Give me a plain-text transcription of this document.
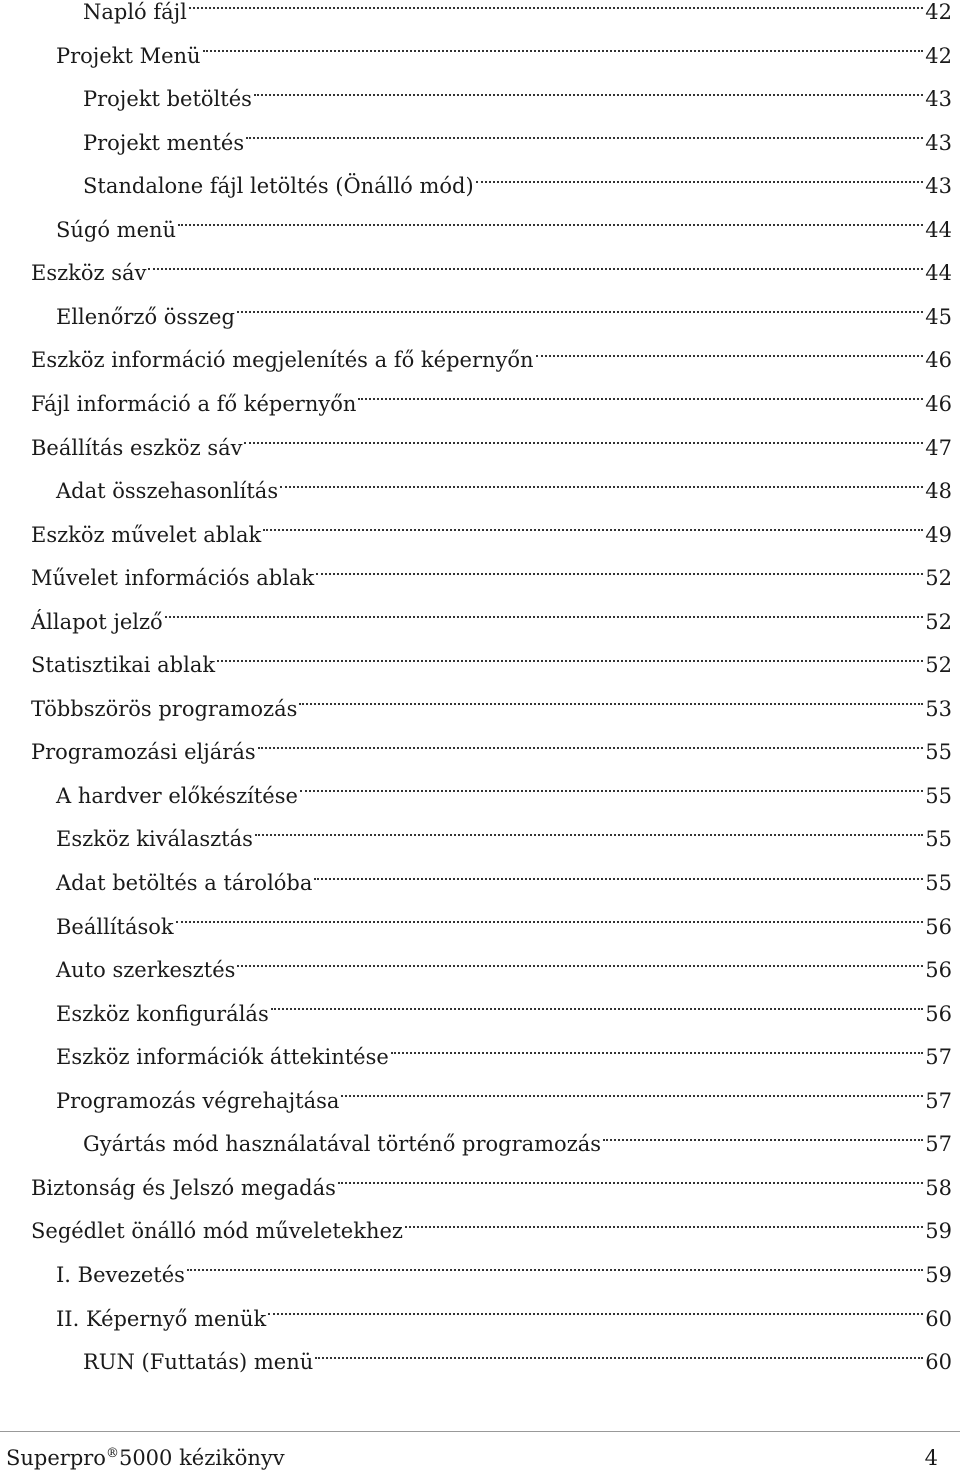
Napló fájl	42
Projekt Menü	42
Projekt betöltés	43
Projekt mentés	43
Standalone fájl letöltés (Önálló mód)	43
Súgó menü	44
Eszköz sáv	44
Ellenőrző összeg	45
Eszköz információ megjelenítés a fő képernyőn	46
Fájl információ a fő képernyőn	46
Beállítás eszköz sáv	47
Adat összehasonlítás	48
Eszköz művelet ablak	49
Művelet információs ablak	52
Állapot jelző	52
Statisztikai ablak	52
Többszörös programozás	53
Programozási eljárás	55
A hardver előkészítése	55
Eszköz kiválasztás	55
Adat betöltés a tárolóba	55
Beállítások	56
Auto szerkesztés	56
Eszköz konfigurálás	56
Eszköz információk áttekintése	57
Programozás végrehajtása	57
Gyártás mód használatával történő programozás	57
Biztonság és Jelszó megadás	58
Segédlet önálló mód műveletekhez	59
I. Bevezetés	59
II. Képernyő menük	60
RUN (Futtatás) menü	60
Superpro®5000 kézikönyv	4
